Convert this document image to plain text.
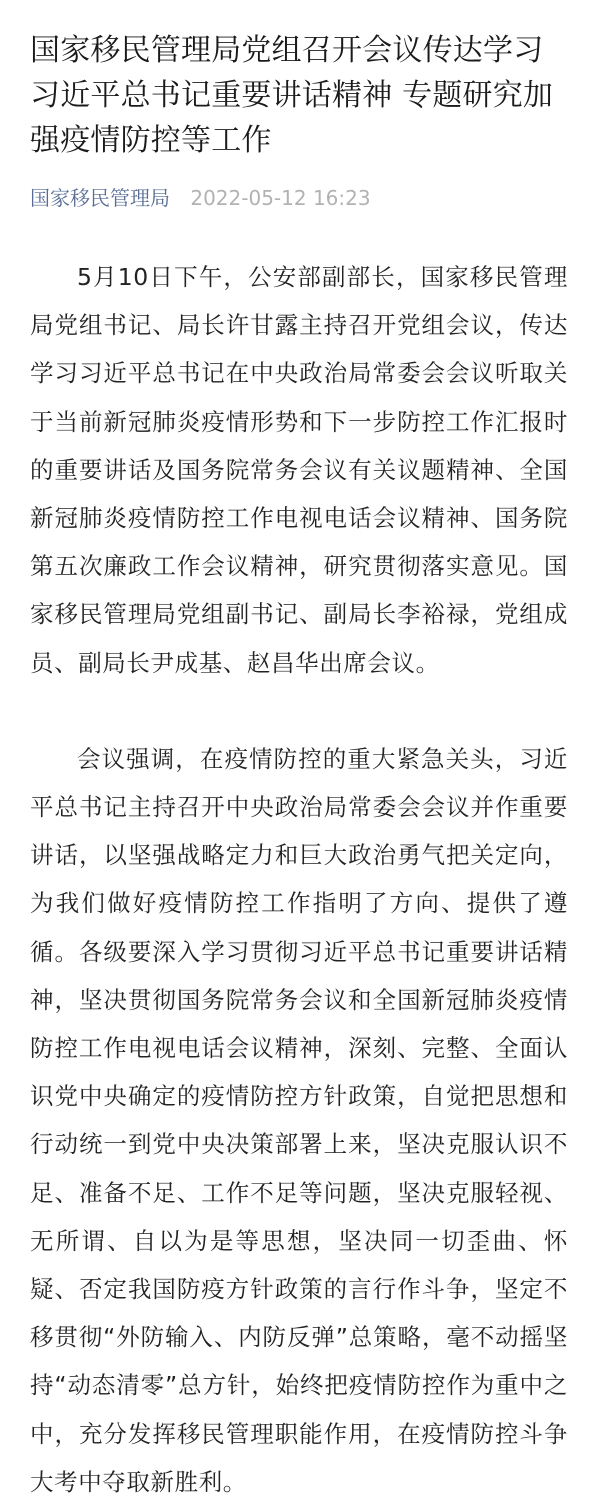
国家移民管理局党组召开会议传达学习习近平总书记重要讲话精神 专题研究加强疫情防控等工作
国家移民管理局 2022-05-12 16:23

5月10日下午，公安部副部长，国家移民管理局党组书记、局长许甘露主持召开党组会议，传达学习习近平总书记在中央政治局常委会会议听取关于当前新冠肺炎疫情形势和下一步防控工作汇报时的重要讲话及国务院常务会议有关议题精神、全国新冠肺炎疫情防控工作电视电话会议精神、国务院第五次廉政工作会议精神，研究贯彻落实意见。国家移民管理局党组副书记、副局长李裕禄，党组成员、副局长尹成基、赵昌华出席会议。

会议强调，在疫情防控的重大紧急关头，习近平总书记主持召开中央政治局常委会会议并作重要讲话，以坚强战略定力和巨大政治勇气把关定向，为我们做好疫情防控工作指明了方向、提供了遵循。各级要深入学习贯彻习近平总书记重要讲话精神，坚决贯彻国务院常务会议和全国新冠肺炎疫情防控工作电视电话会议精神，深刻、完整、全面认识党中央确定的疫情防控方针政策，自觉把思想和行动统一到党中央决策部署上来，坚决克服认识不足、准备不足、工作不足等问题，坚决克服轻视、无所谓、自以为是等思想，坚决同一切歪曲、怀疑、否定我国防疫方针政策的言行作斗争，坚定不移贯彻“外防输入、内防反弹”总策略，毫不动摇坚持“动态清零”总方针，始终把疫情防控作为重中之中，充分发挥移民管理职能作用，在疫情防控斗争大考中夺取新胜利。
